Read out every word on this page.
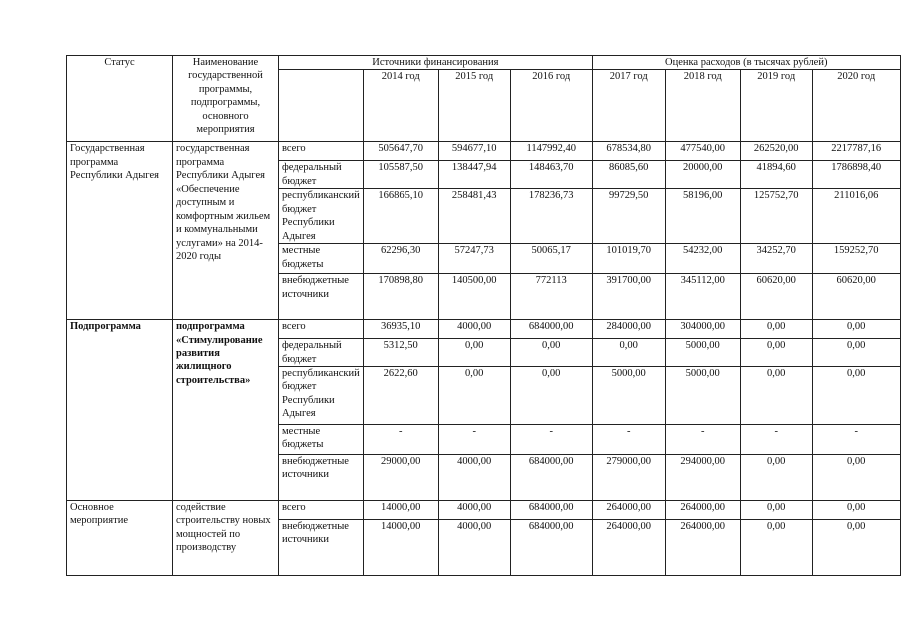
Статус	Наименование государственной программы, подпрограммы, основного мероприятия	Источники финансирования				Оценка расходов (в тысячах рублей)			
			2014 год	2015 год	2016 год	2017 год	2018 год	2019 год	2020 год
Государственная программа Республики Адыгея	государственная программа Республики Адыгея «Обеспечение доступным и комфортным жильем и коммунальными услугами» на 2014-2020 годы	всего	505647,70	594677,10	1147992,40	678534,80	477540,00	262520,00	2217787,16
		федеральный бюджет	105587,50	138447,94	148463,70	86085,60	20000,00	41894,60	1786898,40
		республиканский бюджет Республики Адыгея	166865,10	258481,43	178236,73	99729,50	58196,00	125752,70	211016,06
		местные бюджеты	62296,30	57247,73	50065,17	101019,70	54232,00	34252,70	159252,70
		внебюджетные источники	170898,80	140500,00	772113	391700,00	345112,00	60620,00	60620,00
Подпрограмма	подпрограмма «Стимулирование развития жилищного строительства»	всего	36935,10	4000,00	684000,00	284000,00	304000,00	0,00	0,00
		федеральный бюджет	5312,50	0,00	0,00	0,00	5000,00	0,00	0,00
		республиканский бюджет Республики Адыгея	2622,60	0,00	0,00	5000,00	5000,00	0,00	0,00
		местные бюджеты	-	-	-	-	-	-	-
		внебюджетные источники	29000,00	4000,00	684000,00	279000,00	294000,00	0,00	0,00
Основное мероприятие	содействие строительству новых мощностей по производству	всего	14000,00	4000,00	684000,00	264000,00	264000,00	0,00	0,00
		внебюджетные источники	14000,00	4000,00	684000,00	264000,00	264000,00	0,00	0,00
